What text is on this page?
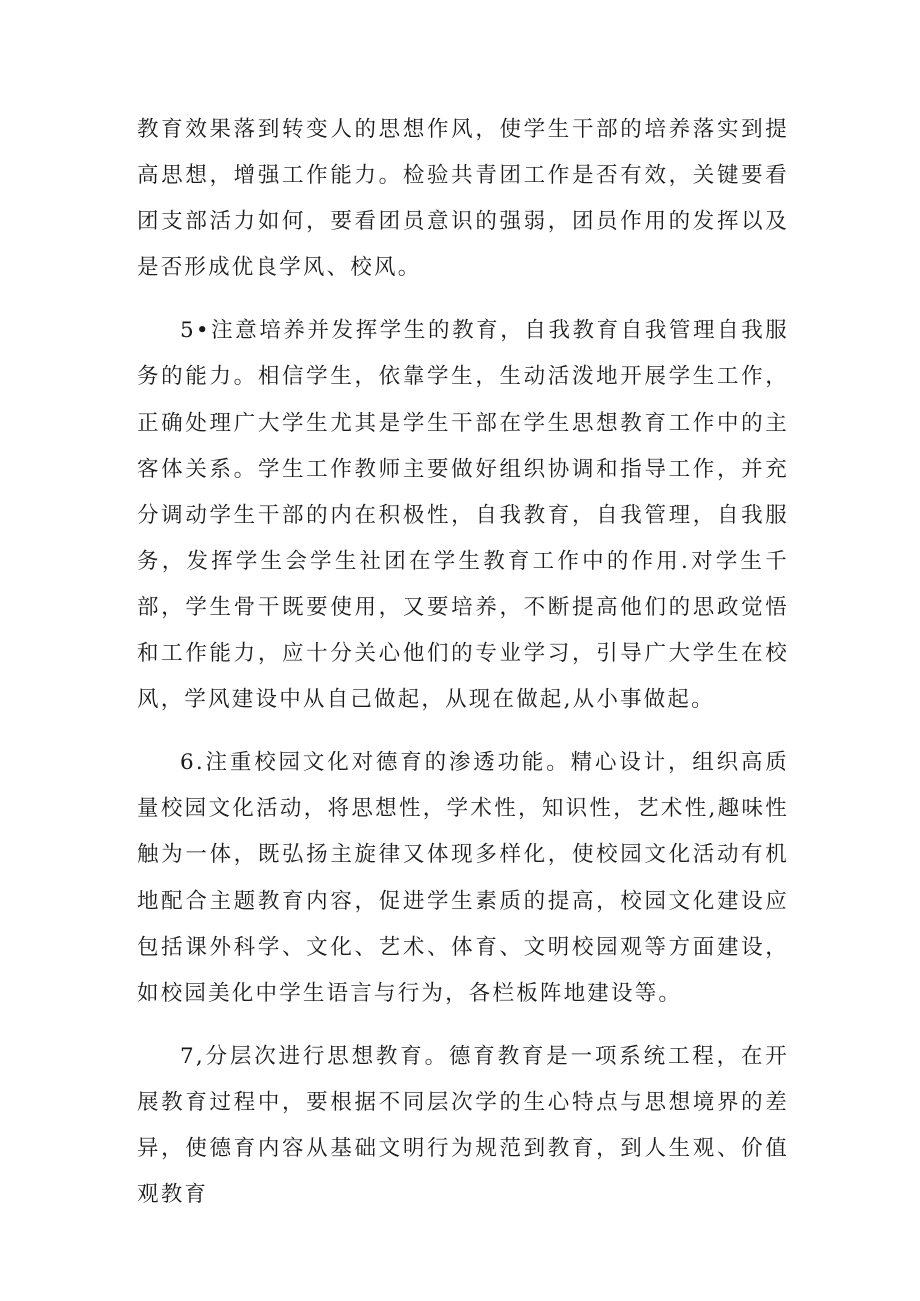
教育效果落到转变人的思想作风，使学生干部的培养落实到提高思想，增强工作能力。检验共青团工作是否有效，关键要看团支部活力如何，要看团员意识的强弱，团员作用的发挥以及是否形成优良学风、校风。

5•注意培养并发挥学生的教育，自我教育自我管理自我服务的能力。相信学生，依靠学生，生动活泼地开展学生工作，正确处理广大学生尤其是学生干部在学生思想教育工作中的主客体关系。学生工作教师主要做好组织协调和指导工作，并充分调动学生干部的内在积极性，自我教育，自我管理，自我服务，发挥学生会学生社团在学生教育工作中的作用.对学生千部，学生骨干既要使用，又要培养，不断提高他们的思政觉悟和工作能力，应十分关心他们的专业学习，引导广大学生在校风，学风建设中从自己做起，从现在做起,从小事做起。

6.注重校园文化对德育的渗透功能。精心设计，组织高质量校园文化活动，将思想性，学术性，知识性，艺术性,趣味性触为一体，既弘扬主旋律又体现多样化，使校园文化活动有机地配合主题教育内容，促进学生素质的提高，校园文化建设应包括课外科学、文化、艺术、体育、文明校园观等方面建设，如校园美化中学生语言与行为，各栏板阵地建设等。

7,分层次进行思想教育。德育教育是一项系统工程，在开展教育过程中，要根据不同层次学的生心特点与思想境界的差异，使德育内容从基础文明行为规范到教育，到人生观、价值观教育
